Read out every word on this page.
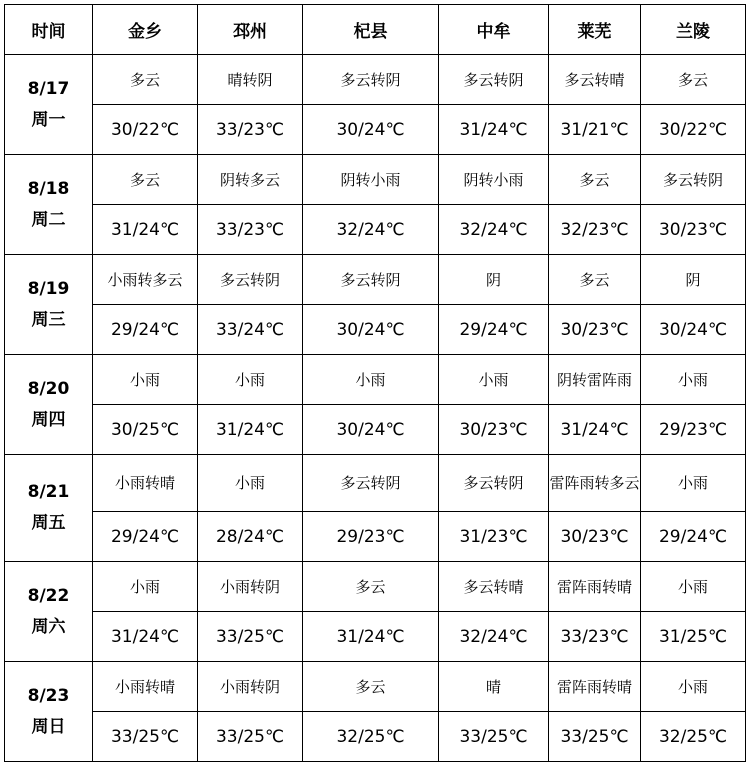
时间	金乡	邳州	杞县	中牟	莱芜	兰陵

8/17
周一	多云	晴转阴	多云转阴	多云转阴	多云转晴	多云
	30/22℃	33/23℃	30/24℃	31/24℃	31/21℃	30/22℃

8/18
周二	多云	阴转多云	阴转小雨	阴转小雨	多云	多云转阴
	31/24℃	33/23℃	32/24℃	32/24℃	32/23℃	30/23℃

8/19
周三	小雨转多云	多云转阴	多云转阴	阴	多云	阴
	29/24℃	33/24℃	30/24℃	29/24℃	30/23℃	30/24℃

8/20
周四	小雨	小雨	小雨	小雨	阴转雷阵雨	小雨
	30/25℃	31/24℃	30/24℃	30/23℃	31/24℃	29/23℃

8/21
周五	小雨转晴	小雨	多云转阴	多云转阴	雷阵雨转多云	小雨
	29/24℃	28/24℃	29/23℃	31/23℃	30/23℃	29/24℃

8/22
周六	小雨	小雨转阴	多云	多云转晴	雷阵雨转晴	小雨
	31/24℃	33/25℃	31/24℃	32/24℃	33/23℃	31/25℃

8/23
周日	小雨转晴	小雨转阴	多云	晴	雷阵雨转晴	小雨
	33/25℃	33/25℃	32/25℃	33/25℃	33/25℃	32/25℃
